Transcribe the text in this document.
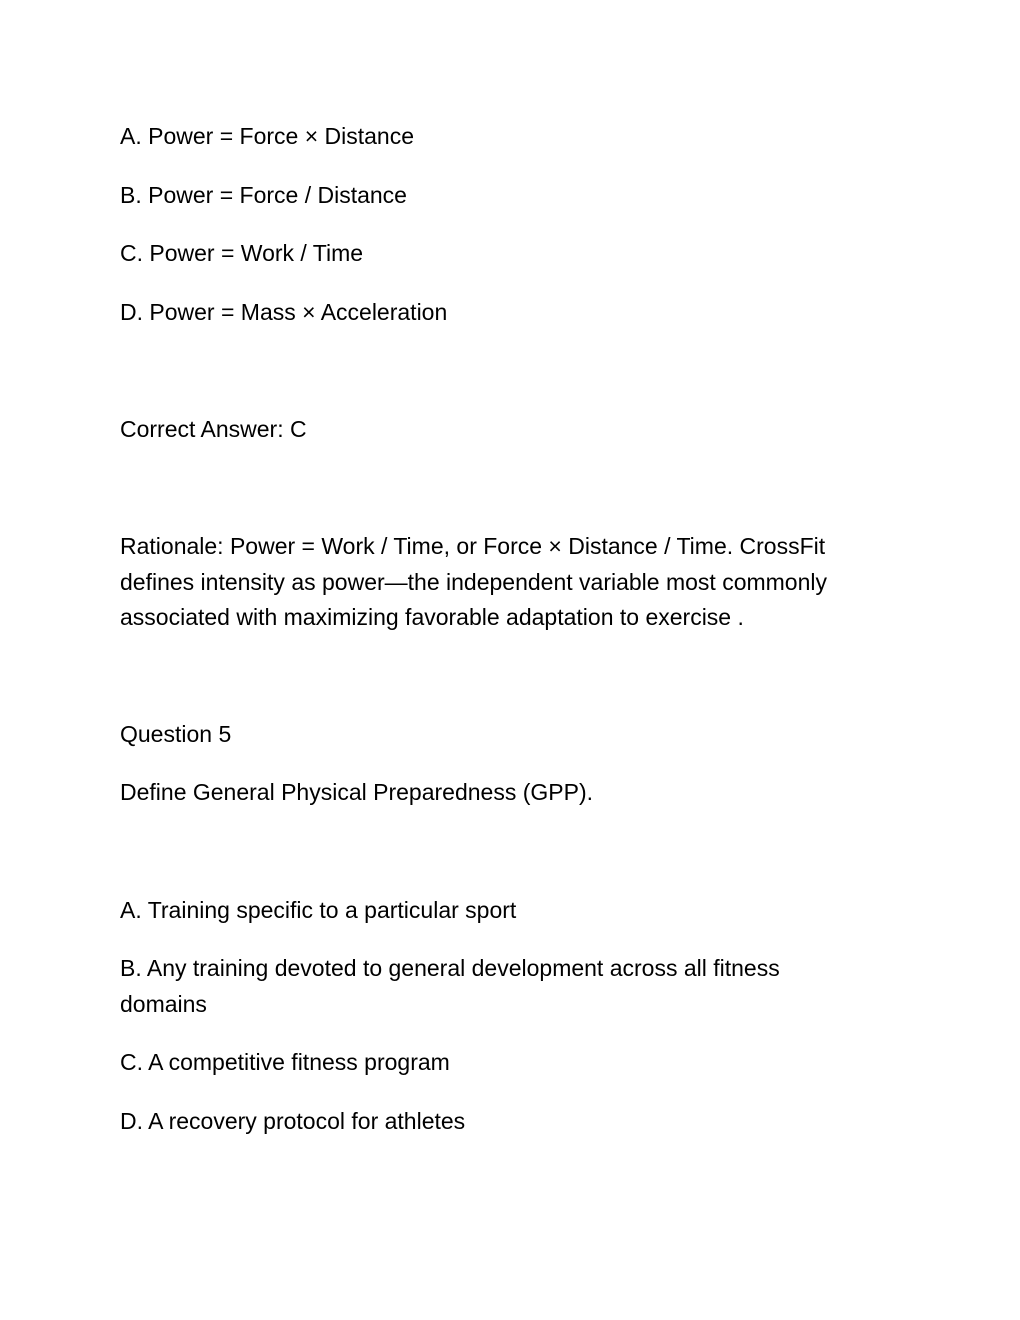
A. Power = Force × Distance

B. Power = Force / Distance

C. Power = Work / Time

D. Power = Mass × Acceleration

Correct Answer: C

Rationale: Power = Work / Time, or Force × Distance / Time. CrossFit
defines intensity as power—the independent variable most commonly
associated with maximizing favorable adaptation to exercise .

Question 5

Define General Physical Preparedness (GPP).

A. Training specific to a particular sport

B. Any training devoted to general development across all fitness
domains

C. A competitive fitness program

D. A recovery protocol for athletes
